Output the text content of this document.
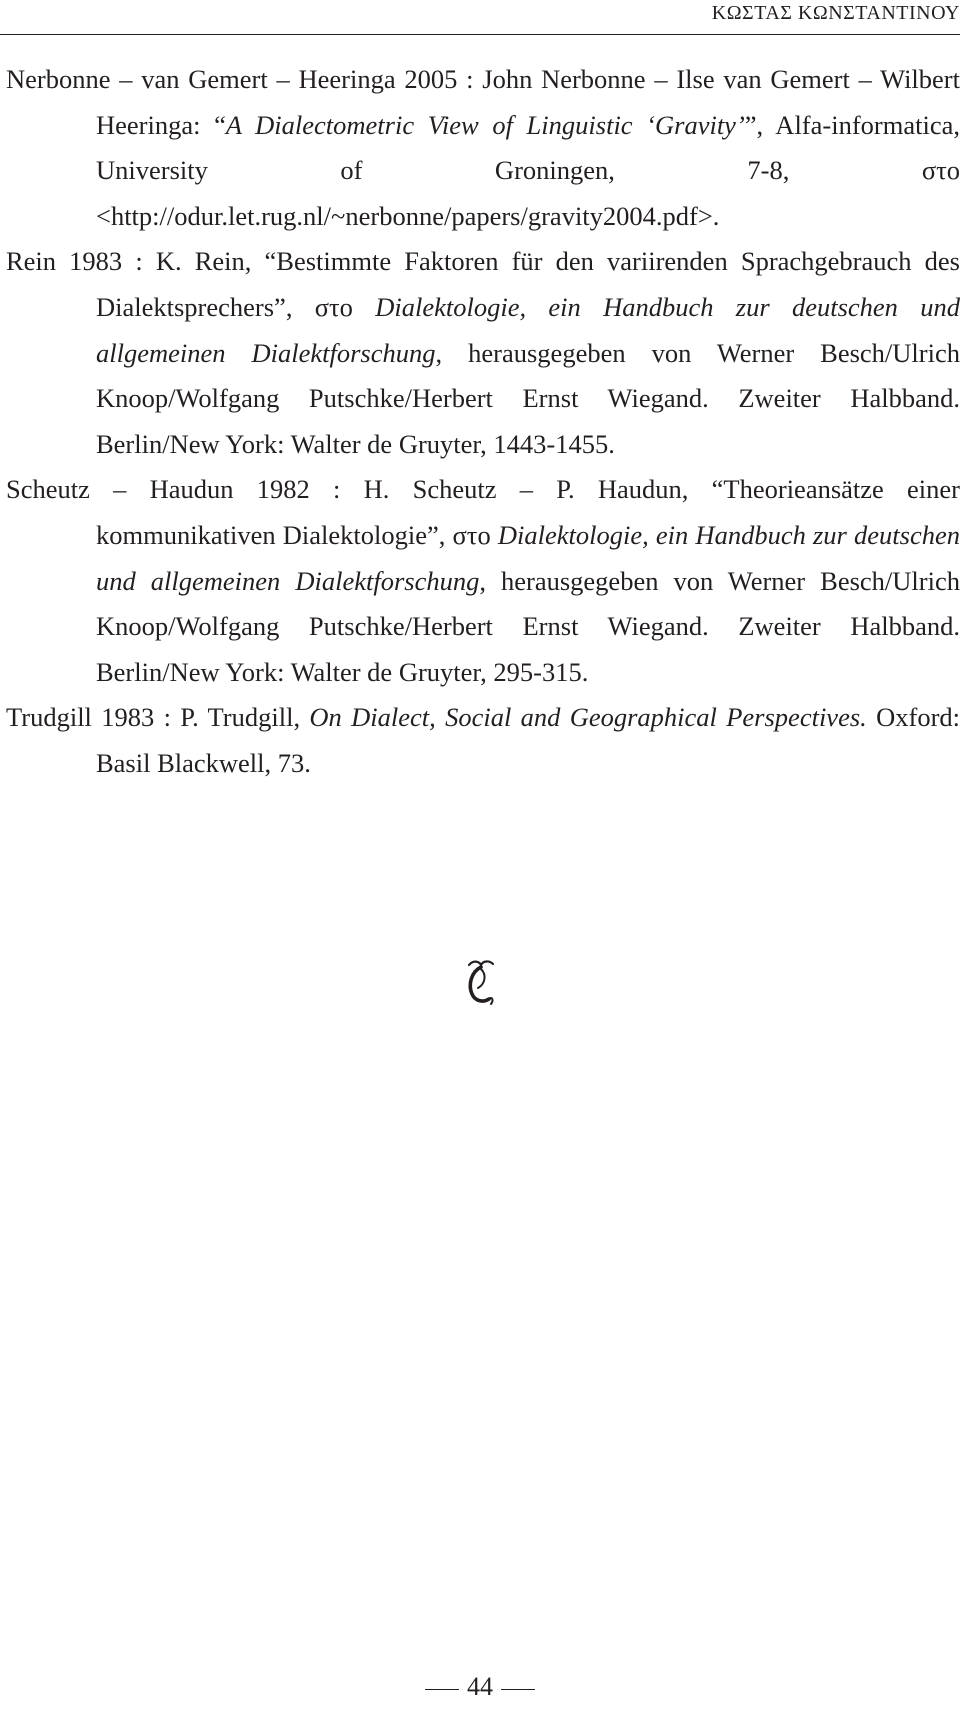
ΚΩΣΤΑΣ ΚΩΝΣΤΑΝΤΙΝΟΥ

Nerbonne – van Gemert – Heeringa 2005 : John Nerbonne – Ilse van Gemert – Wilbert Heeringa: “A Dialectometric View of Linguistic ‘Gravity’”, Alfa-informatica, University of Groningen, 7-8, στο <http://odur.let.rug.nl/~nerbonne/papers/gravity2004.pdf>.

Rein 1983 : K. Rein, “Bestimmte Faktoren für den variirenden Sprachgebrauch des Dialektsprechers”, στο Dialektologie, ein Handbuch zur deutschen und allgemeinen Dialektforschung, herausgegeben von Werner Besch/Ulrich Knoop/Wolfgang Putschke/Herbert Ernst Wiegand. Zweiter Halbband. Berlin/New York: Walter de Gruyter, 1443-1455.

Scheutz – Haudun 1982 : H. Scheutz – P. Haudun, “Theorieansätze einer kommunikativen Dialektologie”, στο Dialektologie, ein Handbuch zur deutschen und allgemeinen Dialektforschung, herausgegeben von Werner Besch/Ulrich Knoop/Wolfgang Putschke/Herbert Ernst Wiegand. Zweiter Halbband. Berlin/New York: Walter de Gruyter, 295-315.

Trudgill 1983 : P. Trudgill, On Dialect, Social and Geographical Perspectives. Oxford: Basil Blackwell, 73.

44
